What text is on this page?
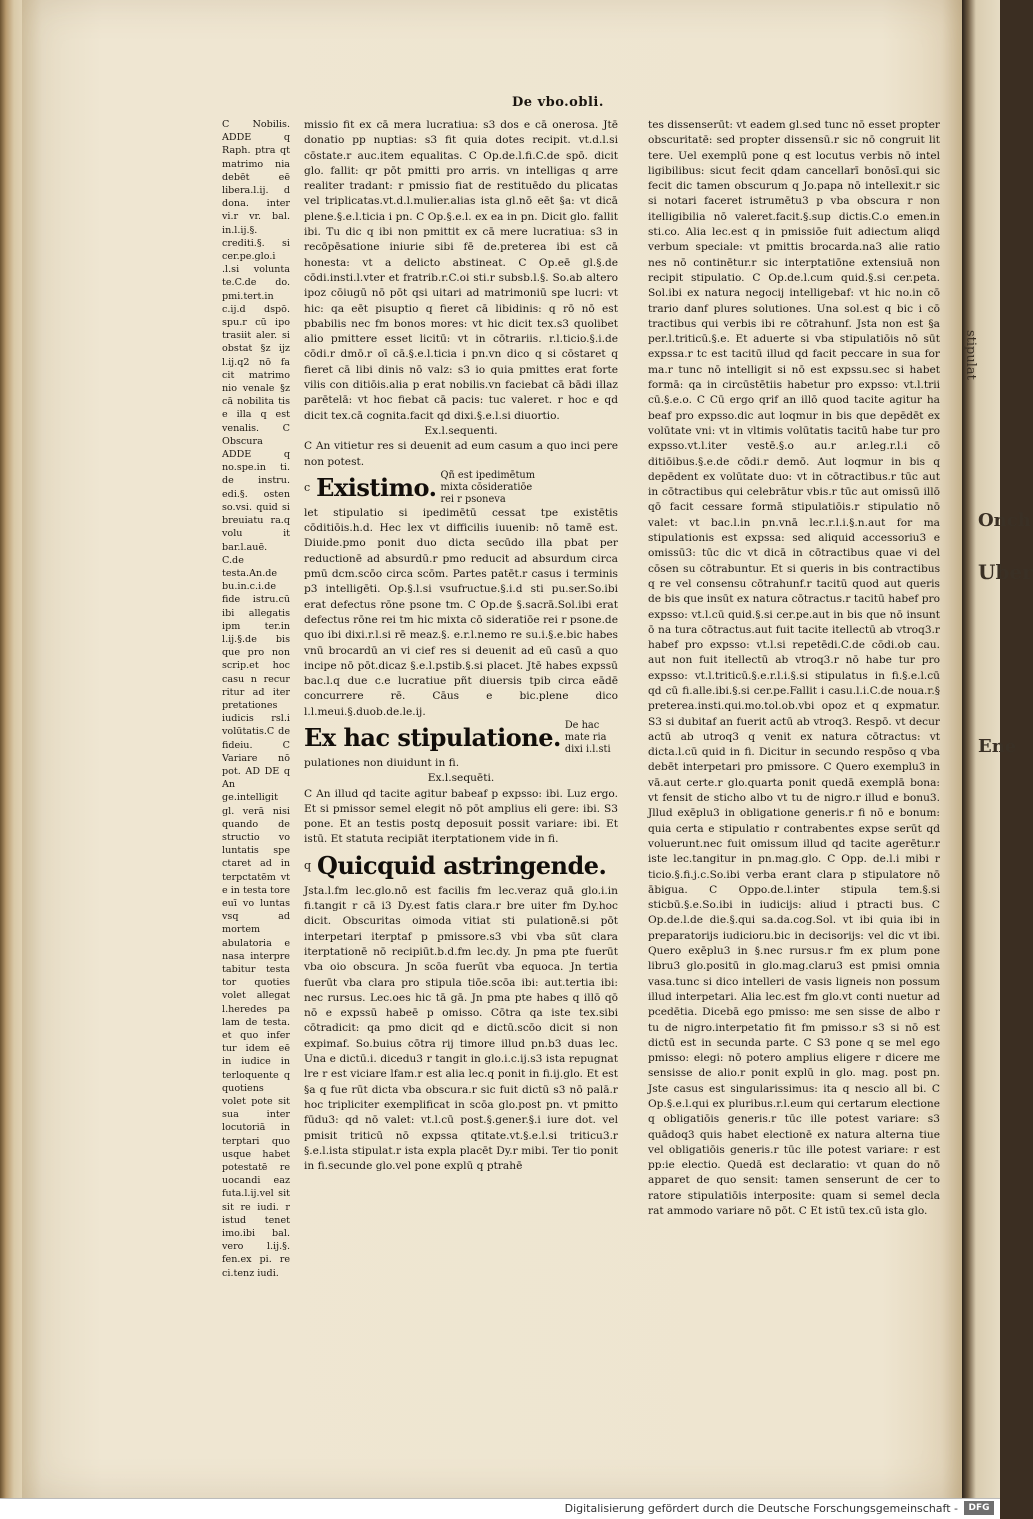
De vbo.obli.

C Nobilis. ADDE q Raph. ptra qt matrimo nia debēt eē libera.l.ij. d dona. inter vi.r vr. bal. in.l.ij.§. crediti.§. si cer.pe.glo.i .l.si volunta te.C.de do. pmi.tert.in c.ij.d dspō. spu.r cū ipo trasiit aler. si obstat §z ijz l.ij.q2 nō fa cit matrimo nio venale §z cā nobilita tis e illa q est venalis. C Obscura ADDE q no.spe.in ti. de instru. edi.§. osten so.vsi. quid si breuiatu ra.q volu it bar.l.auē. C.de testa.An.de bu.in.c.i.de fide istru.cū ibi allegatis ipm ter.in l.ij.§.de bis que pro non scrip.et hoc casu n recur ritur ad iter pretationes iudicis rsl.i volūtatis.C de fideiu. C Variare nō pot. AD DE q An ge.intelligit gl. verā nisi quando de structio vo luntatis spe ctaret ad in terpctatēm vt e in testa tore euī vo luntas vsq ad mortem abulatoria e nasa interpre tabitur testa tor quoties volet allegat l.heredes pa lam de testa. et quo infer tur idem eē in iudice in terloquente q quotiens volet pote sit sua inter locutoriā in terptari quo usque habet potestatē re uocandi eaz futa.l.ij.vel sit sit re iudi. r istud tenet imo.ibi bal. vero l.ij.§. fen.ex pi. re ci.tenz iudi.

missio fit ex cā mera lucratiua: s3 dos e cā onerosa. Jtē donatio pp nuptias: s3 fit quia dotes recipit. vt.d.l.si cōstate.r auc.item equalitas. C Op.de.l.fi.C.de spō. dicit glo. fallit: qr pōt pmitti pro arris. vn intelligas q arre realiter tradant: r pmissio fiat de restituēdo du plicatas vel triplicatas.vt.d.l.mulier.alias ista gl.nō eēt §a: vt dicā plene.§.e.l.ticia i pn. C Op.§.e.l. ex ea in pn. Dicit glo. fallit ibi. Tu dic q ibi non pmittit ex cā mere lucratiua: s3 in recōpēsatione iniurie sibi fē de.preterea ibi est cā honesta: vt a delicto abstineat. C Op.eē gl.§.de cōdi.insti.l.vter et fratrib.r.C.oi sti.r subsb.l.§. So.ab altero ipoz cōiugū nō pōt qsi uitari ad matrimoniū spe lucri: vt hic: qa eēt pisuptio q fieret cā libidinis: q rō nō est pbabilis nec fm bonos mores: vt hic dicit tex.s3 quolibet alio pmittere esset licitū: vt in cōtrariis. r.l.ticio.§.i.de cōdi.r dmō.r oī cā.§.e.l.ticia i pn.vn dico q si cōstaret q fieret cā libi dinis nō valz: s3 io quia pmittes erat forte vilis con ditiōis.alia p erat nobilis.vn faciebat cā bādi illaz parētelā: vt hoc fiebat cā pacis: tuc valeret. r hoc e qd dicit tex.cā cognita.facit qd dixi.§.e.l.si diuortio.

Ex.l.sequenti.

C An vitietur res si deuenit ad eum casum a quo inci pere non potest.

c Existimo. Qñ est ipedimētum mixta cōsideratiōe rei r psoneva

let stipulatio si ipedimētū cessat tpe existētis cōditiōis.h.d. Hec lex vt difficilis iuuenib: nō tamē est. Diuide.pmo ponit duo dicta secūdo illa pbat per reductionē ad absurdū.r pmo reducit ad absurdum circa pmū dcm.scōo circa scōm. Partes patēt.r casus i terminis p3 intelligēti. Op.§.l.si vsufructue.§.i.d sti pu.ser.So.ibi erat defectus rōne psone tm. C Op.de §.sacrā.Sol.ibi erat defectus rōne rei tm hic mixta cō sideratiōe rei r psone.de quo ibi dixi.r.l.si rē meaz.§. e.r.l.nemo re su.i.§.e.bic habes vnū brocardū an vi cief res si deuenit ad eū casū a quo incipe nō pōt.dicaz §.e.l.pstib.§.si placet. Jtē habes expssū bac.l.q due c.e lucratiue pñt diuersis tpib circa eādē concurrere rē. Cāus e bic.plene dico l.l.meui.§.duob.de.le.ij.

Ex hac stipulatione. De hac mate ria dixi i.l.sti

pulationes non diuidunt in fi.

Ex.l.sequēti.

C An illud qd tacite agitur babeaf p expsso: ibi. Luz ergo. Et si pmissor semel elegit nō pōt amplius eli gere: ibi. S3 pone. Et an testis postq deposuit possit variare: ibi. Et istū. Et statuta recipiāt iterptationem vide in fi.

q Quicquid astringende.

Jsta.l.fm lec.glo.nō est facilis fm lec.veraz quā glo.i.in fi.tangit r cā i3 Dy.est fatis clara.r bre uiter fm Dy.hoc dicit. Obscuritas oimoda vitiat sti pulationē.si pōt interpetari iterptaf p pmissore.s3 vbi vba sūt clara iterptationē nō recipiūt.b.d.fm lec.dy. Jn pma pte fuerūt vba oio obscura. Jn scōa fuerūt vba equoca. Jn tertia fuerūt vba clara pro stipula tiōe.scōa ibi: aut.tertia ibi: nec rursus. Lec.oes hic tā gā. Jn pma pte habes q illō qō nō e expssū habeē p omisso. Cōtra qa iste tex.sibi cōtradicit: qa pmo dicit qd e dictū.scōo dicit si non expimaf. So.buius cōtra rij timore illud pn.b3 duas lec. Una e dictū.i. dicedu3 r tangit in glo.i.c.ij.s3 ista repugnat lre r est viciare lfam.r est alia lec.q ponit in fi.ij.glo. Et est §a q fue rūt dicta vba obscura.r sic fuit dictū s3 nō palā.r hoc tripliciter exemplificat in scōa glo.post pn. vt pmitto fūdu3: qd nō valet: vt.l.cū post.§.gener.§.i iure dot. vel pmisit triticū nō expssa qtitate.vt.§.e.l.si triticu3.r §.e.l.ista stipulat.r ista expla placēt Dy.r mibi. Ter tio ponit in fi.secunde glo.vel pone explū q ptrahē

tes dissenserūt: vt eadem gl.sed tunc nō esset propter obscuritatē: sed propter dissensū.r sic nō congruit lit tere. Uel exemplū pone q est locutus verbis nō intel ligibilibus: sicut fecit qdam cancellarī bonōsī.qui sic fecit dic tamen obscurum q Jo.papa nō intellexit.r sic si notari faceret istrumētu3 p vba obscura r non itelligibilia nō valeret.facit.§.sup dictis.C.o emen.in sti.co. Alia lec.est q in pmissiōe fuit adiectum aliqd verbum speciale: vt pmittis brocarda.na3 alie ratio nes nō continētur.r sic interptatiōne extensiuā non recipit stipulatio. C Op.de.l.cum quid.§.si cer.peta. Sol.ibi ex natura negocij intelligebaf: vt hic no.in cō trario danf plures solutiones. Una sol.est q bic i cō tractibus qui verbis ibi re cōtrahunf. Jsta non est §a per.l.triticū.§.e. Et aduerte si vba stipulatiōis nō sūt expssa.r tc est tacitū illud qd facit peccare in sua for ma.r tunc nō intelligit si nō est expssu.sec si habet formā: qa in circūstētiis habetur pro expsso: vt.l.trii cū.§.e.o. C Cū ergo qrif an illō quod tacite agitur ha beaf pro expsso.dic aut loqmur in bis que depēdēt ex volūtate vni: vt in vltimis volūtatis tacitū habe tur pro expsso.vt.l.iter vestē.§.o au.r ar.leg.r.l.i cō ditiōibus.§.e.de cōdi.r demō. Aut loqmur in bis q depēdent ex volūtate duo: vt in cōtractibus.r tūc aut in cōtractibus qui celebrātur vbis.r tūc aut omissū illō qō facit cessare formā stipulatiōis.r stipulatio nō valet: vt bac.l.in pn.vnā lec.r.l.i.§.n.aut for ma stipulationis est expssa: sed aliquid accessoriu3 e omissū3: tūc dic vt dicā in cōtractibus quae vi del cōsen su cōtrabuntur. Et si queris in bis contractibus q re vel consensu cōtrahunf.r tacitū quod aut queris de bis que insūt ex natura cōtractus.r tacitū habef pro expsso: vt.l.cū quid.§.si cer.pe.aut in bis que nō insunt ō na tura cōtractus.aut fuit tacite itellectū ab vtroq3.r habef pro expsso: vt.l.si repetēdi.C.de cōdi.ob cau. aut non fuit itellectū ab vtroq3.r nō habe tur pro expsso: vt.l.triticū.§.e.r.l.i.§.si stipulatus in fi.§.e.l.cū qd cū fi.alle.ibi.§.si cer.pe.Fallit i casu.l.i.C.de noua.r.§ preterea.insti.qui.mo.tol.ob.vbi opoz et q expmatur. S3 si dubitaf an fuerit actū ab vtroq3. Respō. vt decur actū ab utroq3 q venit ex natura cōtractus: vt dicta.l.cū quid in fi. Dicitur in secundo respōso q vba debēt interpetari pro pmissore. C Quero exemplu3 in vā.aut certe.r glo.quarta ponit quedā exemplā bona: vt fensit de sticho albo vt tu de nigro.r illud e bonu3. Jllud exēplu3 in obligatione generis.r fi nō e bonum: quia certa e stipulatio r contrabentes expse serūt qd voluerunt.nec fuit omissum illud qd tacite agerētur.r iste lec.tangitur in pn.mag.glo. C Opp. de.l.i mibi r ticio.§.fi.j.c.So.ibi verba erant clara p stipulatore nō ābigua. C Oppo.de.l.inter stipula tem.§.si sticbū.§.e.So.ibi in iudicijs: aliud i ptracti bus. C Op.de.l.de die.§.qui sa.da.cog.Sol. vt ibi quia ibi in preparatorijs iudicioru.bic in decisorijs: vel dic vt ibi. Quero exēplu3 in §.nec rursus.r fm ex plum pone libru3 glo.positū in glo.mag.claru3 est pmisi omnia vasa.tunc si dico intelleri de vasis ligneis non possum illud interpetari. Alia lec.est fm glo.vt conti nuetur ad pcedētia. Dicebā ego pmisso: me sen sisse de albo r tu de nigro.interpetatio fit fm pmisso.r s3 si nō est dictū est in secunda parte. C S3 pone q se mel ego pmisso: elegi: nō potero amplius eligere r dicere me sensisse de alio.r ponit explū in glo. mag. post pn. Jste casus est singularissimus: ita q nescio all bi. C Op.§.e.l.qui ex pluribus.r.l.eum qui certarum electione q obligatiōis generis.r tūc ille potest variare: s3 quādoq3 quis habet electionē ex natura alterna tiue vel obligatiōis generis.r tūc ille potest variare: r est pp:ie electio. Quedā est declaratio: vt quan do nō apparet de quo sensit: tamen senserunt de cer to ratore stipulatiōis interposite: quam si semel decla rat ammodo variare nō pōt. C Et istū tex.cū ista glo.

stipulat
Onch
Uber
Ene
Digitalisierung gefördert durch die Deutsche Forschungsgemeinschaft -	DFG
